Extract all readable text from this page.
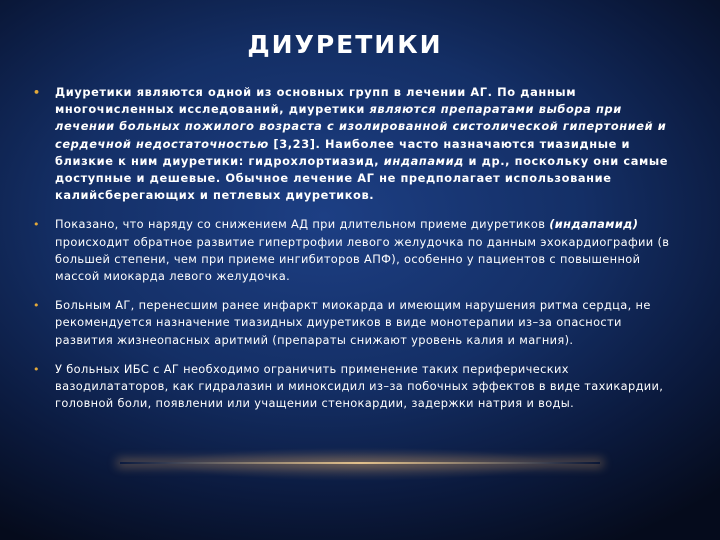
ДИУРЕТИКИ
• Диуретики являются одной из основных групп в лечении АГ. По данным многочисленных исследований, диуретики являются препаратами выбора при лечении больных пожилого возраста с изолированной систолической гипертонией и сердечной недостаточностью [3,23]. Наиболее часто назначаются тиазидные и близкие к ним диуретики: гидрохлортиазид, индапамид и др., поскольку они самые доступные и дешевые. Обычное лечение АГ не предполагает использование калийсберегающих и петлевых диуретиков.
• Показано, что наряду со снижением АД при длительном приеме диуретиков (индапамид) происходит обратное развитие гипертрофии левого желудочка по данным эхокардиографии (в большей степени, чем при приеме ингибиторов АПФ), особенно у пациентов с повышенной массой миокарда левого желудочка.
• Больным АГ, перенесшим ранее инфаркт миокарда и имеющим нарушения ритма сердца, не рекомендуется назначение тиазидных диуретиков в виде монотерапии из–за опасности развития жизнеопасных аритмий (препараты снижают уровень калия и магния).
• У больных ИБС с АГ необходимо ограничить применение таких периферических вазодилататоров, как гидралазин и миноксидил из–за побочных эффектов в виде тахикардии, головной боли, появлении или учащении стенокардии, задержки натрия и воды.
